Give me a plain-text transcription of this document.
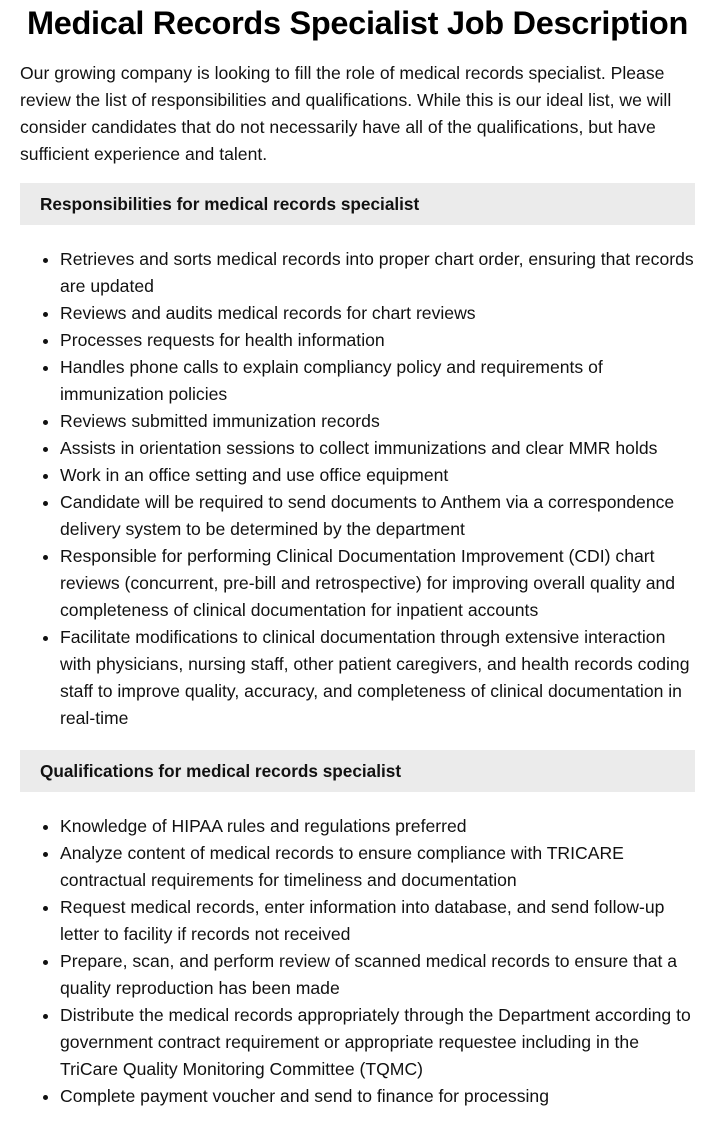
Medical Records Specialist Job Description

Our growing company is looking to fill the role of medical records specialist. Please review the list of responsibilities and qualifications. While this is our ideal list, we will consider candidates that do not necessarily have all of the qualifications, but have sufficient experience and talent.

Responsibilities for medical records specialist
• Retrieves and sorts medical records into proper chart order, ensuring that records are updated
• Reviews and audits medical records for chart reviews
• Processes requests for health information
• Handles phone calls to explain compliancy policy and requirements of immunization policies
• Reviews submitted immunization records
• Assists in orientation sessions to collect immunizations and clear MMR holds
• Work in an office setting and use office equipment
• Candidate will be required to send documents to Anthem via a correspondence delivery system to be determined by the department
• Responsible for performing Clinical Documentation Improvement (CDI) chart reviews (concurrent, pre-bill and retrospective) for improving overall quality and completeness of clinical documentation for inpatient accounts
• Facilitate modifications to clinical documentation through extensive interaction with physicians, nursing staff, other patient caregivers, and health records coding staff to improve quality, accuracy, and completeness of clinical documentation in real-time
Qualifications for medical records specialist
• Knowledge of HIPAA rules and regulations preferred
• Analyze content of medical records to ensure compliance with TRICARE contractual requirements for timeliness and documentation
• Request medical records, enter information into database, and send follow-up letter to facility if records not received
• Prepare, scan, and perform review of scanned medical records to ensure that a quality reproduction has been made
• Distribute the medical records appropriately through the Department according to government contract requirement or appropriate requestee including in the TriCare Quality Monitoring Committee (TQMC)
• Complete payment voucher and send to finance for processing
